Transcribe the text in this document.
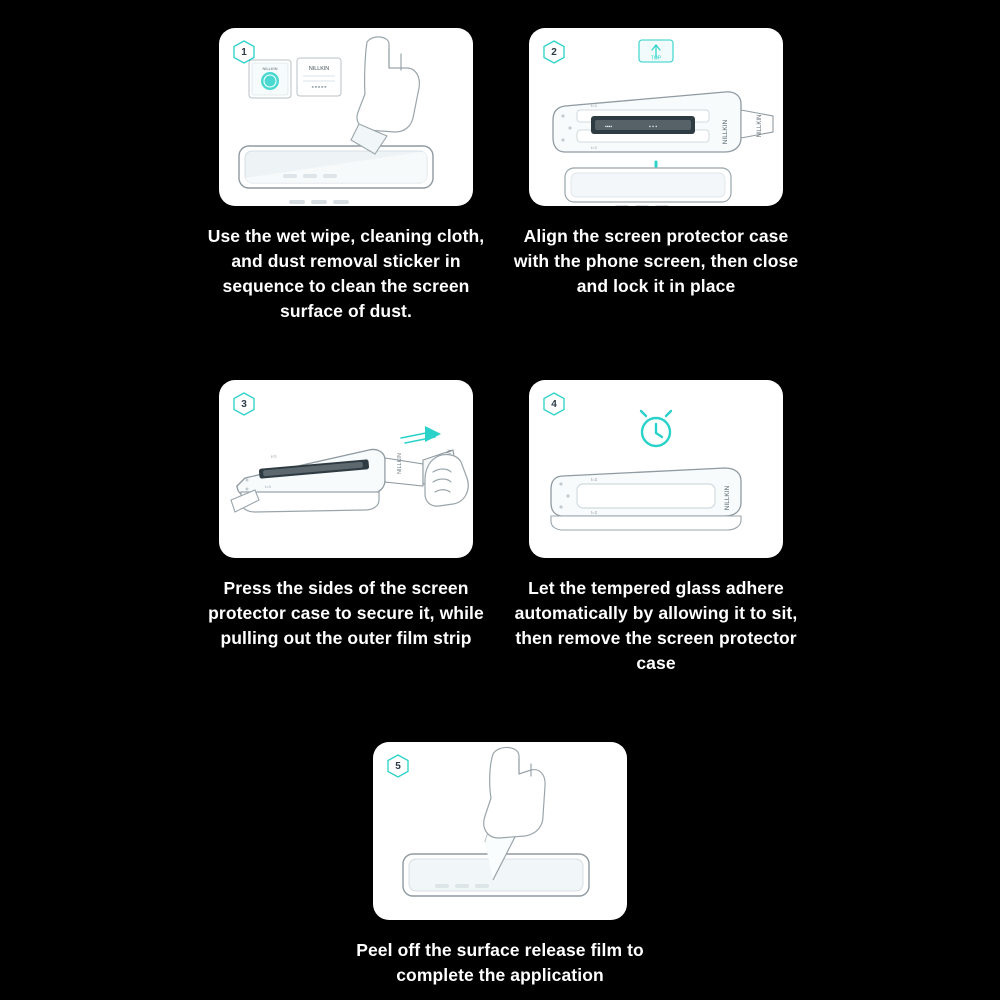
NILLKIN	NILLKIN
■ ■ ■ ■ ■
1
Use the wet wipe, cleaning cloth, and dust removal sticker in sequence to clean the screen surface of dust.
TOP
▪▪▪▪	▪ ▪ ▪
t=3
t=3
NILLKIN	NILLKIN
2
Align the screen protector case with the phone screen, then close and lock it in place
t=3
t=3
NILLKIN
3
Press the sides of the screen protector case to secure it, while pulling out the outer film strip
t=3
t=3
NILLKIN
4
Let the tempered glass adhere automatically by allowing it to sit, then remove the screen protector case
5
Peel off the surface release film to complete the application
